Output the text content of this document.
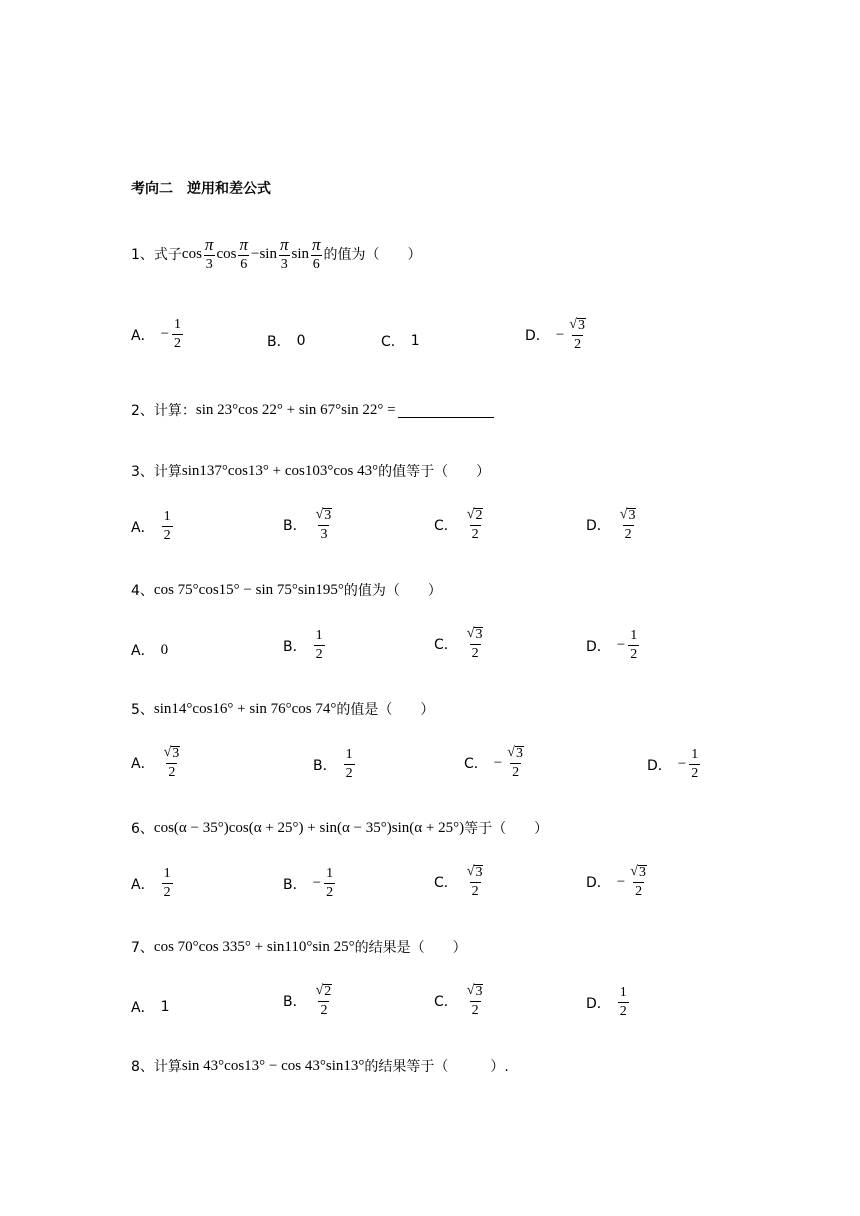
考向二　逆用和差公式
1、式子 $\cos \frac{\pi}{3}$ $\cos \frac{\pi}{6} - \sin \frac{\pi}{3}$ $\sin \frac{\pi}{6}$ 的值为（　　）
A． − $\frac{1}{2}$	B． 0	C． 1	D． − $\frac{√ 3}{2}$
2、计算： sin 23°cos 22° + sin 67°sin 22° =
3、计算 sin137°cos13° + cos103°cos 43° 的值等于（　　）
A． $\frac{1}{2}$	B． $\frac{√ 3}{3}$	C． $\frac{√ 2}{2}$	D． $\frac{√ 3}{2}$
4、 cos 75°cos15° − sin 75°sin195° 的值为（　　）
A． 0	B． $\frac{1}{2}$	C． $\frac{√ 3}{2}$	D． − $\frac{1}{2}$
5、 sin14°cos16° + sin 76°cos 74° 的值是（　　）
A． $\frac{√ 3}{2}$	B． $\frac{1}{2}$	C． − $\frac{√ 3}{2}$	D． − $\frac{1}{2}$
6、 cos(α − 35°)cos(α + 25°) + sin(α − 35°)sin(α + 25°) 等于（　　）
A． $\frac{1}{2}$	B． − $\frac{1}{2}$	C． $\frac{√ 3}{2}$	D． − $\frac{√ 3}{2}$
7、 cos 70°cos 335° + sin110°sin 25° 的结果是（　　）
A． 1	B． $\frac{√ 2}{2}$	C． $\frac{√ 3}{2}$	D． $\frac{1}{2}$
8、计算 sin 43°cos13° − cos 43°sin13° 的结果等于（　　　）.
